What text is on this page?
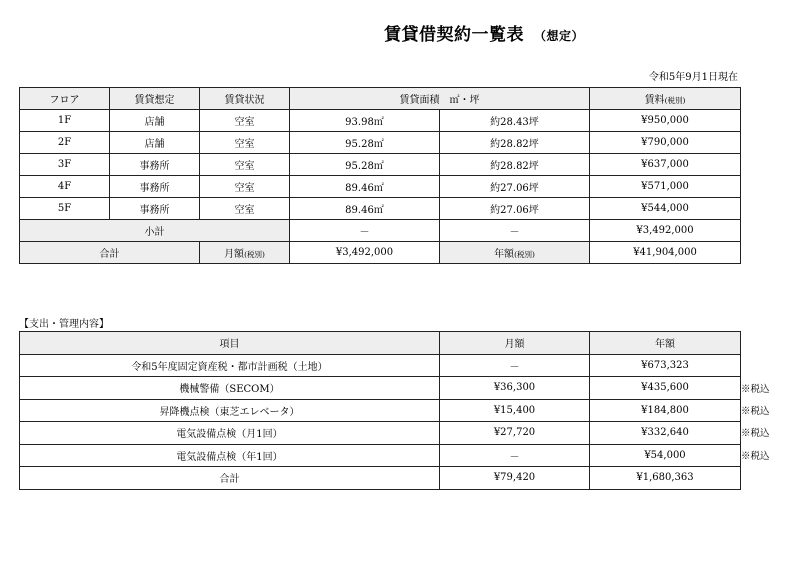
賃貸借契約一覧表 （想定）
令和5年9月1日現在
フロア	賃貸想定	賃貸状況	賃貸面積　㎡・坪		賃料(税別)
1F	店舗	空室	93.98㎡	約28.43坪	¥950,000
2F	店舗	空室	95.28㎡	約28.82坪	¥790,000
3F	事務所	空室	95.28㎡	約28.82坪	¥637,000
4F	事務所	空室	89.46㎡	約27.06坪	¥571,000
5F	事務所	空室	89.46㎡	約27.06坪	¥544,000
小計			－	－	¥3,492,000
合計		月額(税別)	¥3,492,000	年額(税別)	¥41,904,000
【支出・管理内容】
項目	月額	年額
令和5年度固定資産税・都市計画税（土地）	－	¥673,323
機械警備（SECOM）	¥36,300	¥435,600
昇降機点検（東芝エレベータ）	¥15,400	¥184,800
電気設備点検（月1回）	¥27,720	¥332,640
電気設備点検（年1回）	－	¥54,000
合計	¥79,420	¥1,680,363
※税込
※税込
※税込
※税込
